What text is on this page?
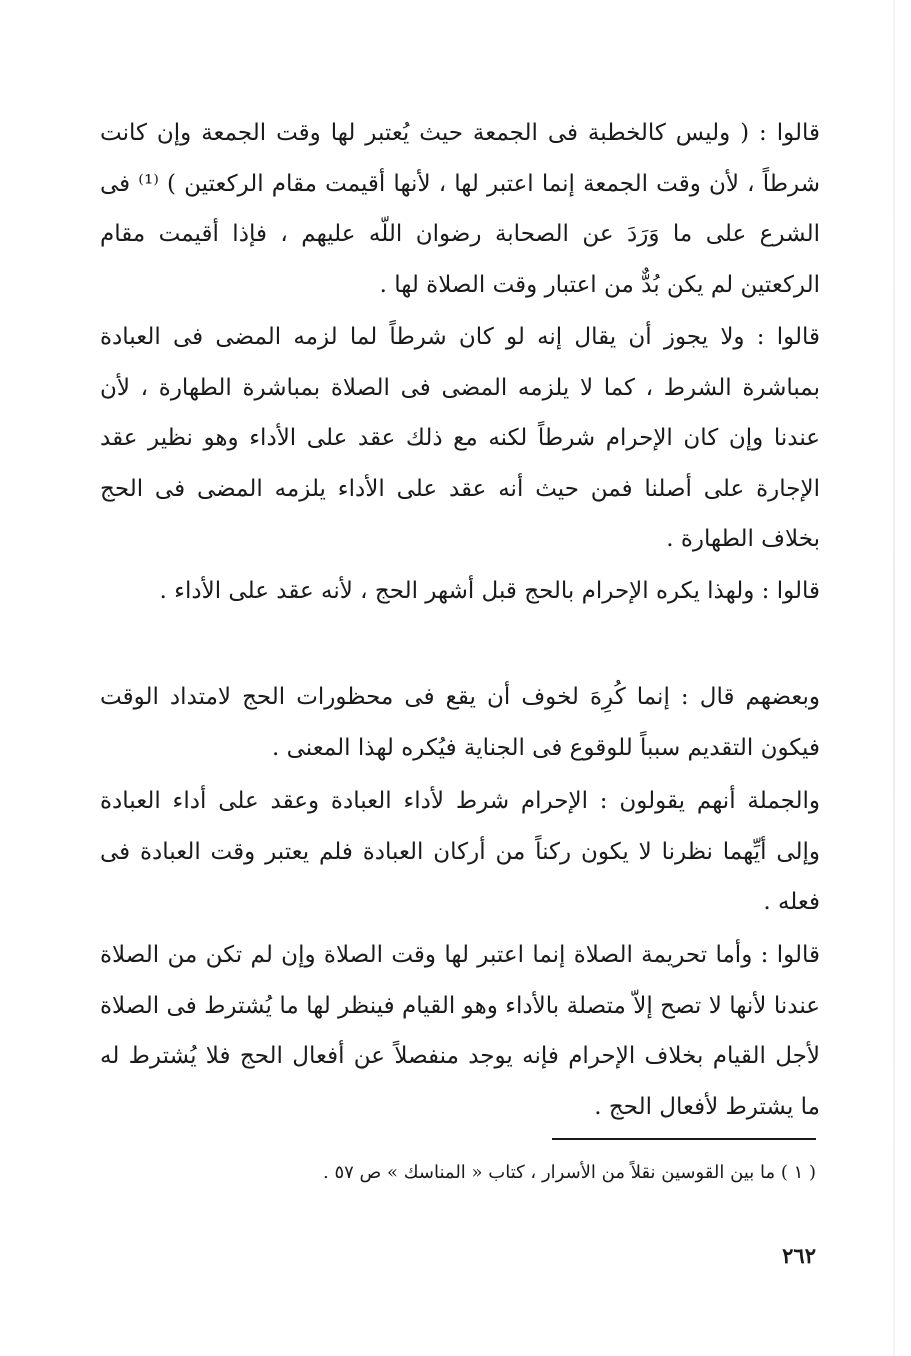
قالوا : ( وليس كالخطبة فى الجمعة حيث يُعتبر لها وقت الجمعة وإن كانت شرطاً ، لأن وقت الجمعة إنما اعتبر لها ، لأنها أقيمت مقام الركعتين ) ⁽¹⁾ فى الشرع على ما وَرَدَ عن الصحابة رضوان اللّه عليهم ، فإذا أقيمت مقام الركعتين لم يكن بُدٌّ من اعتبار وقت الصلاة لها .
قالوا : ولا يجوز أن يقال إنه لو كان شرطاً لما لزمه المضى فى العبادة بمباشرة الشرط ، كما لا يلزمه المضى فى الصلاة بمباشرة الطهارة ، لأن عندنا وإن كان الإحرام شرطاً لكنه مع ذلك عقد على الأداء وهو نظير عقد الإجارة على أصلنا فمن حيث أنه عقد على الأداء يلزمه المضى فى الحج بخلاف الطهارة .
قالوا : ولهذا يكره الإحرام بالحج قبل أشهر الحج ، لأنه عقد على الأداء .
وبعضهم قال : إنما كُرِهَ لخوف أن يقع فى محظورات الحج لامتداد الوقت فيكون التقديم سبباً للوقوع فى الجناية فيُكره لهذا المعنى .
والجملة أنهم يقولون : الإحرام شرط لأداء العبادة وعقد على أداء العبادة وإلى أيِّهما نظرنا لا يكون ركناً من أركان العبادة فلم يعتبر وقت العبادة فى فعله .
قالوا : وأما تحريمة الصلاة إنما اعتبر لها وقت الصلاة وإن لم تكن من الصلاة عندنا لأنها لا تصح إلاّ متصلة بالأداء وهو القيام فينظر لها ما يُشترط فى الصلاة لأجل القيام بخلاف الإحرام فإنه يوجد منفصلاً عن أفعال الحج فلا يُشترط له ما يشترط لأفعال الحج .
( ١ ) ما بين القوسين نقلاً من الأسرار ، كتاب « المناسك » ص ٥٧ .
٢٦٢
